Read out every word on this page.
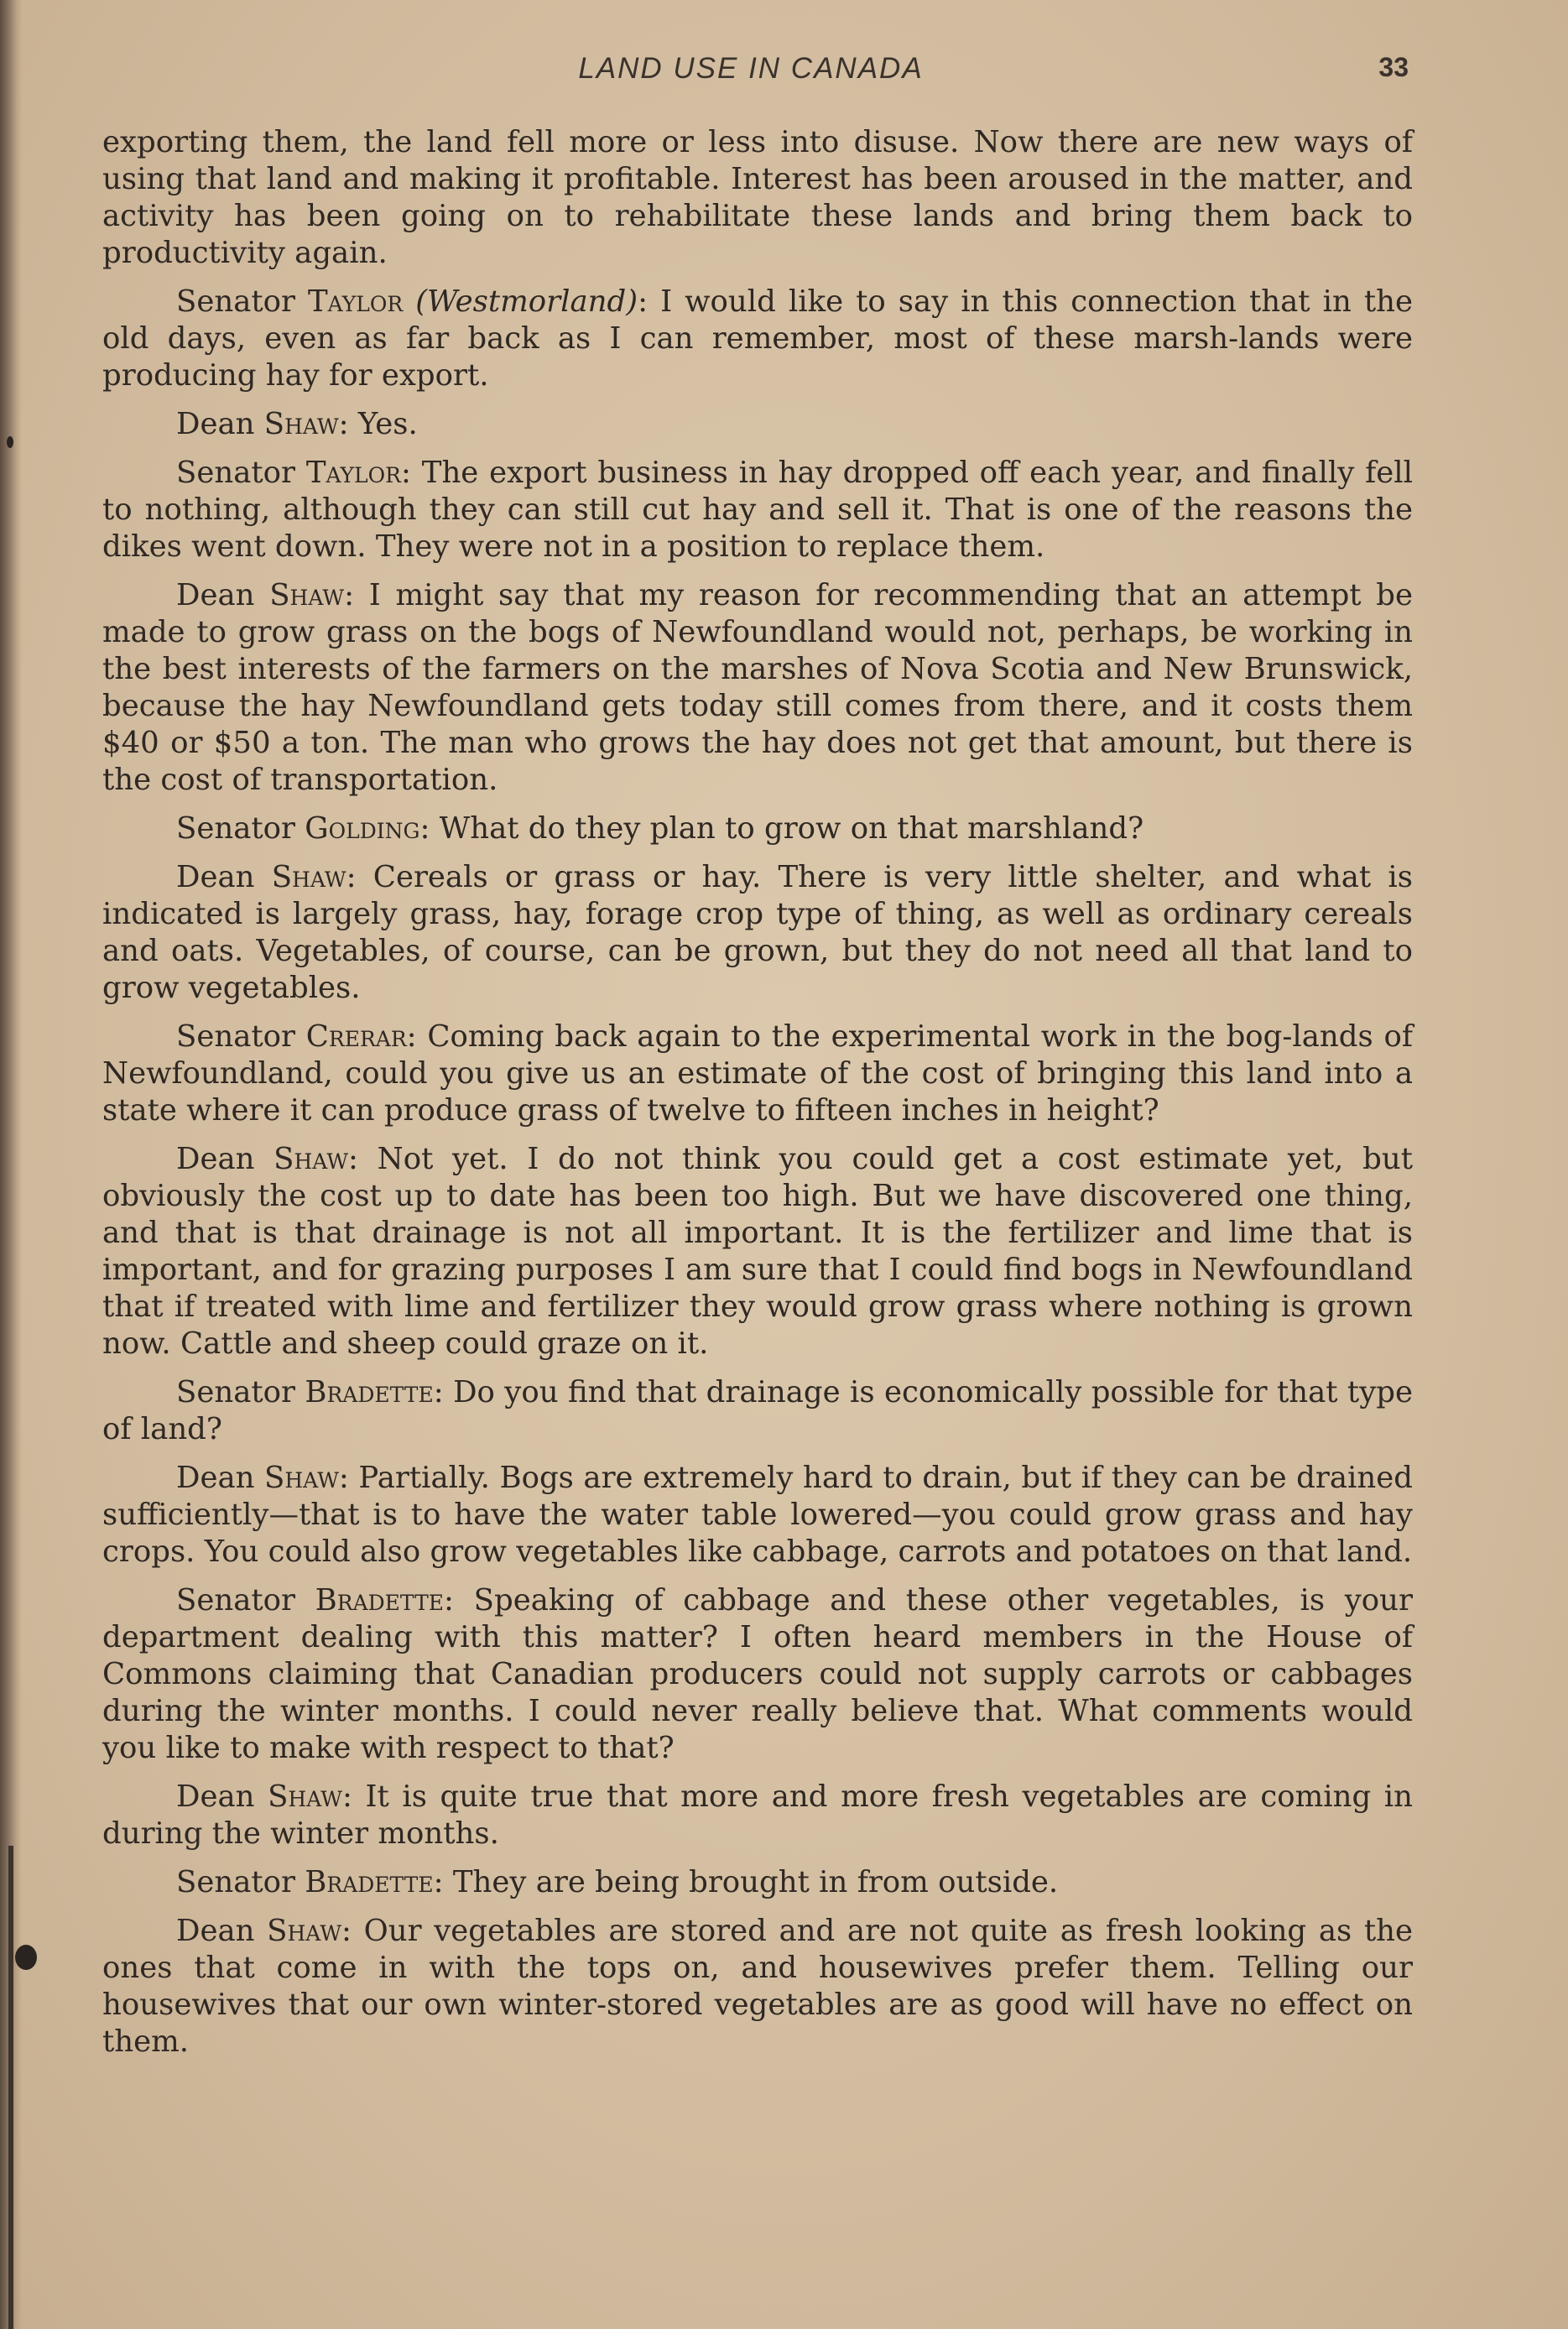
LAND USE IN CANADA	33

exporting them, the land fell more or less into disuse. Now there are new ways of using that land and making it profitable. Interest has been aroused in the matter, and activity has been going on to rehabilitate these lands and bring them back to productivity again.

Senator Taylor (Westmorland): I would like to say in this connection that in the old days, even as far back as I can remember, most of these marsh-lands were producing hay for export.

Dean Shaw: Yes.

Senator Taylor: The export business in hay dropped off each year, and finally fell to nothing, although they can still cut hay and sell it. That is one of the reasons the dikes went down. They were not in a position to replace them.

Dean Shaw: I might say that my reason for recommending that an attempt be made to grow grass on the bogs of Newfoundland would not, perhaps, be working in the best interests of the farmers on the marshes of Nova Scotia and New Brunswick, because the hay Newfoundland gets today still comes from there, and it costs them $40 or $50 a ton. The man who grows the hay does not get that amount, but there is the cost of transportation.

Senator Golding: What do they plan to grow on that marshland?

Dean Shaw: Cereals or grass or hay. There is very little shelter, and what is indicated is largely grass, hay, forage crop type of thing, as well as ordinary cereals and oats. Vegetables, of course, can be grown, but they do not need all that land to grow vegetables.

Senator Crerar: Coming back again to the experimental work in the bog-lands of Newfoundland, could you give us an estimate of the cost of bringing this land into a state where it can produce grass of twelve to fifteen inches in height?

Dean Shaw: Not yet. I do not think you could get a cost estimate yet, but obviously the cost up to date has been too high. But we have discovered one thing, and that is that drainage is not all important. It is the fertilizer and lime that is important, and for grazing purposes I am sure that I could find bogs in Newfoundland that if treated with lime and fertilizer they would grow grass where nothing is grown now. Cattle and sheep could graze on it.

Senator Bradette: Do you find that drainage is economically possible for that type of land?

Dean Shaw: Partially. Bogs are extremely hard to drain, but if they can be drained sufficiently—that is to have the water table lowered—you could grow grass and hay crops. You could also grow vegetables like cabbage, carrots and potatoes on that land.

Senator Bradette: Speaking of cabbage and these other vegetables, is your department dealing with this matter? I often heard members in the House of Commons claiming that Canadian producers could not supply carrots or cabbages during the winter months. I could never really believe that. What comments would you like to make with respect to that?

Dean Shaw: It is quite true that more and more fresh vegetables are coming in during the winter months.

Senator Bradette: They are being brought in from outside.

Dean Shaw: Our vegetables are stored and are not quite as fresh looking as the ones that come in with the tops on, and housewives prefer them. Telling our housewives that our own winter-stored vegetables are as good will have no effect on them.
